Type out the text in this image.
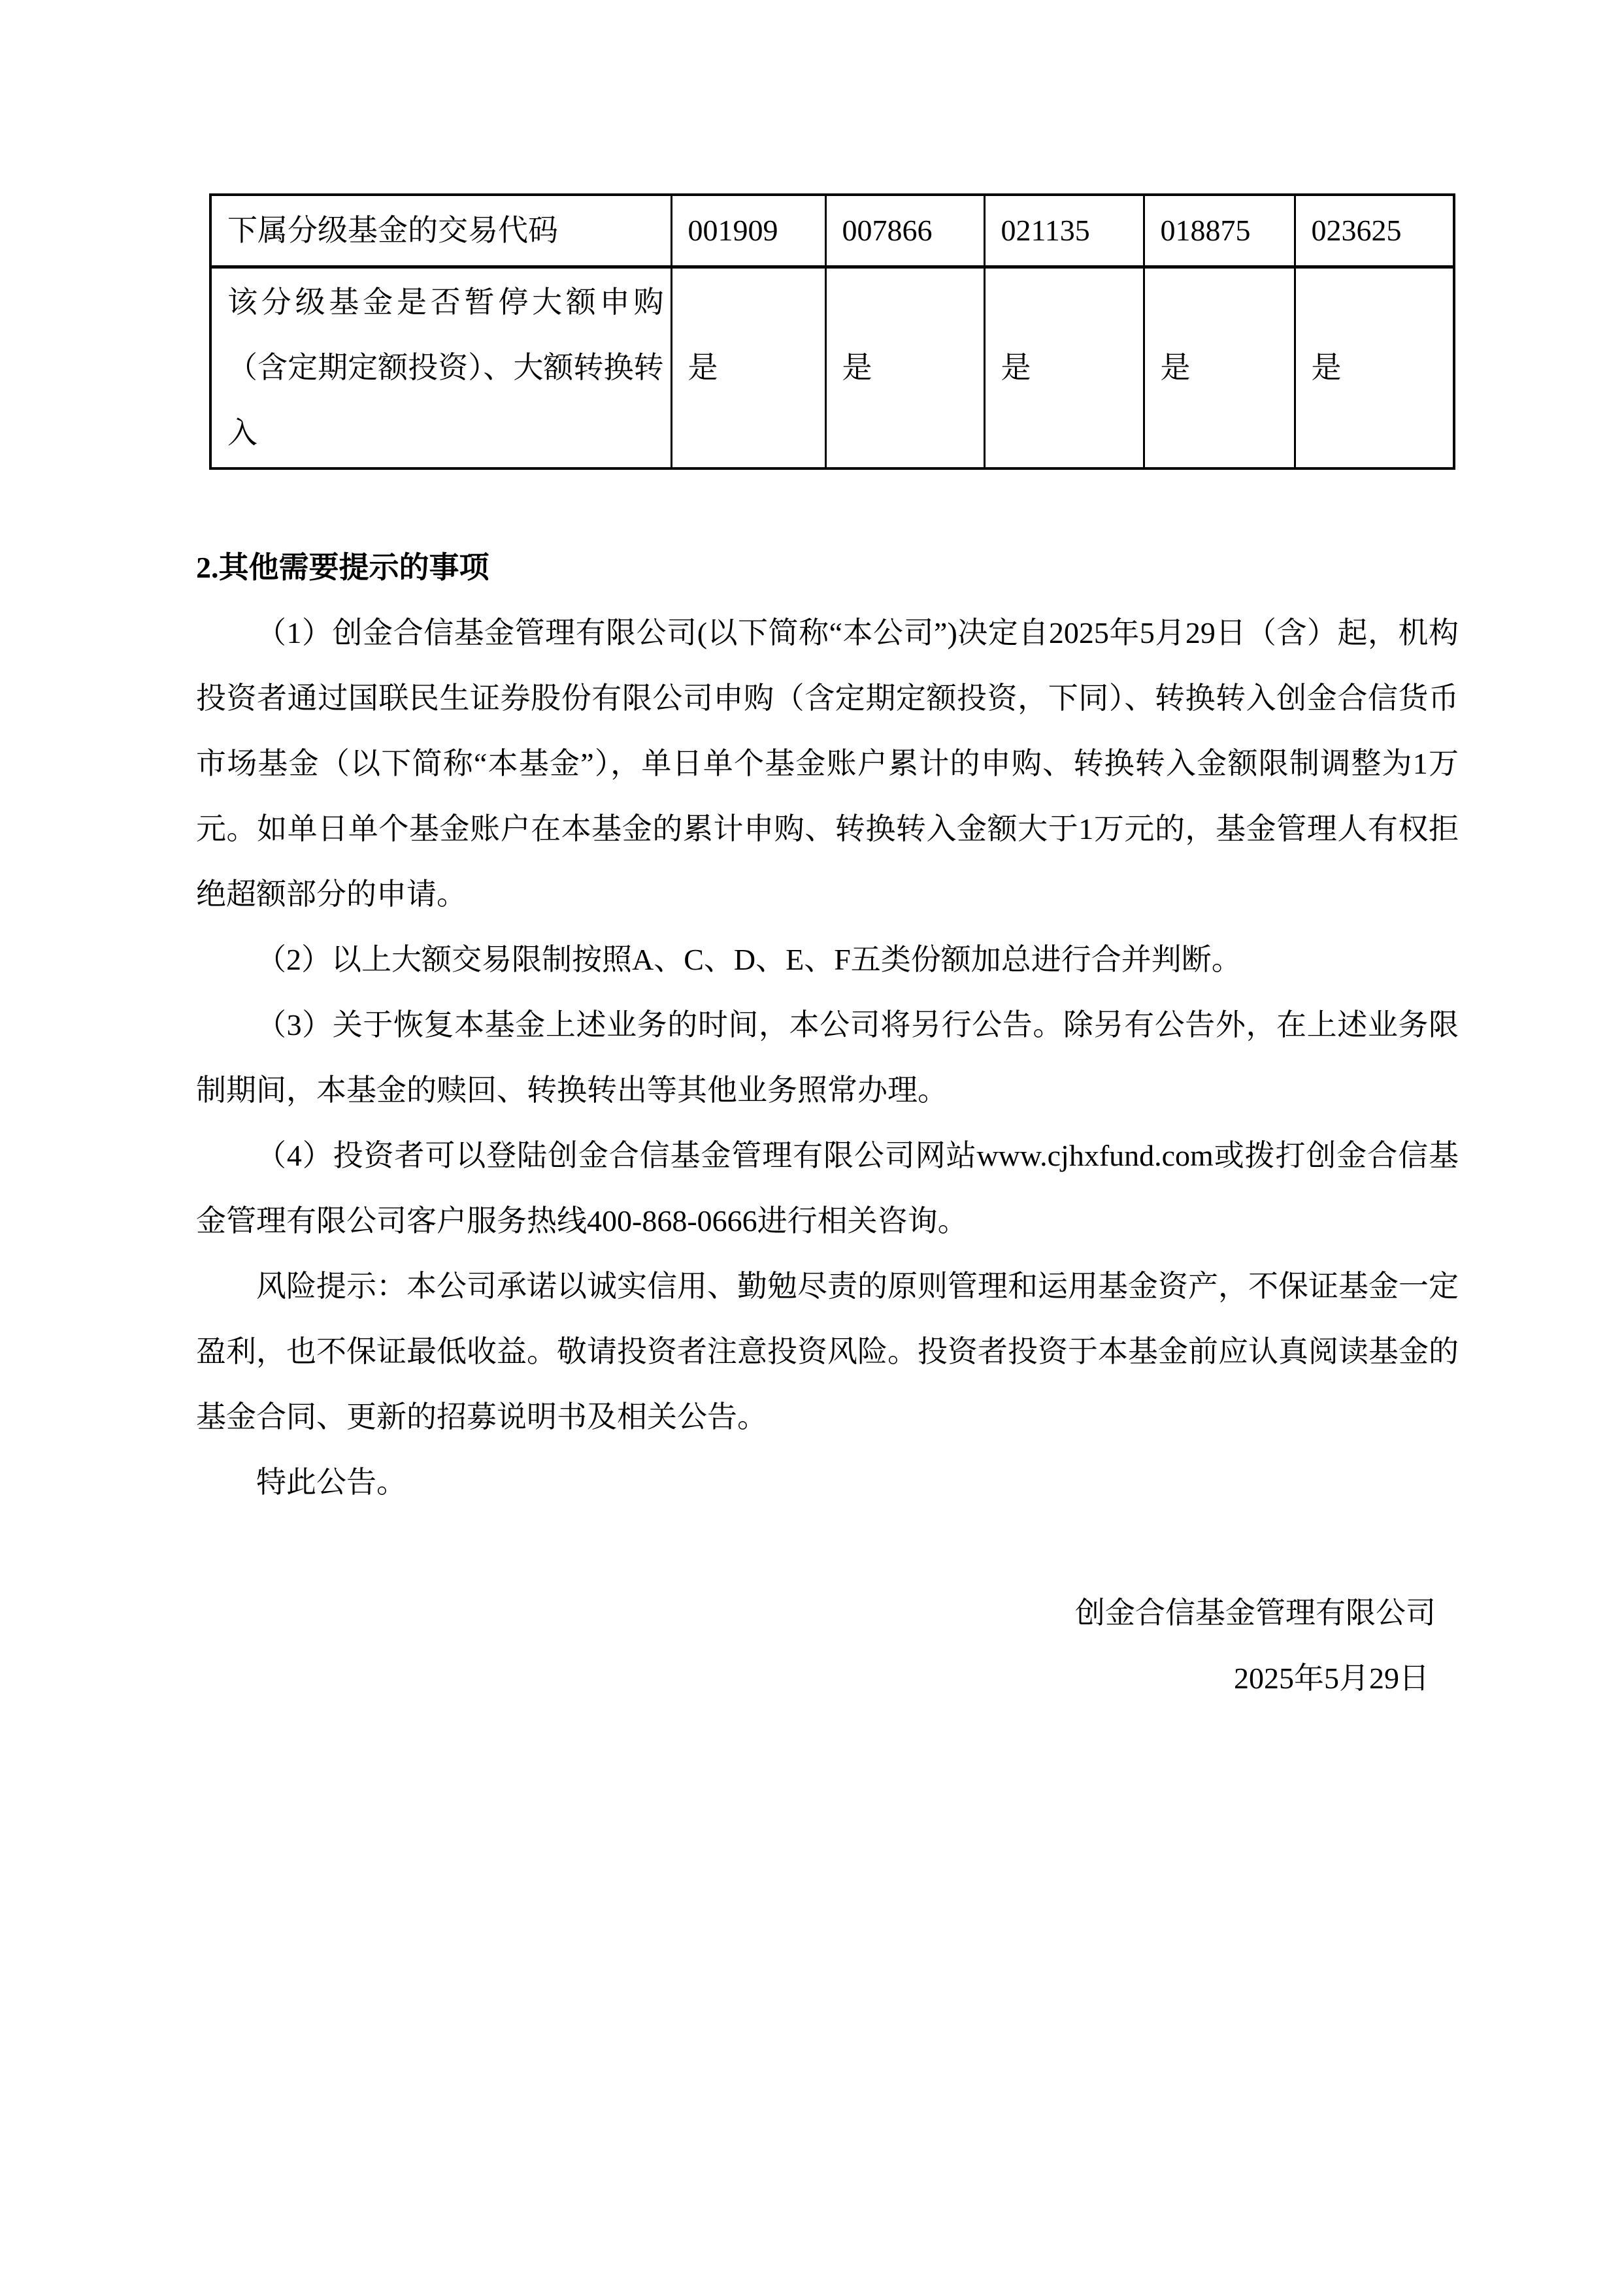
下属分级基金的交易代码	001909	007866	021135	018875	023625
该分级基金是否暂停大额申购（含定期定额投资）、大额转换转入	是	是	是	是	是
2.其他需要提示的事项

（1）创金合信基金管理有限公司(以下简称“本公司”)决定自2025年5月29日（含）起，机构投资者通过国联民生证券股份有限公司申购（含定期定额投资，下同）、转换转入创金合信货币市场基金（以下简称“本基金”），单日单个基金账户累计的申购、转换转入金额限制调整为1万元。如单日单个基金账户在本基金的累计申购、转换转入金额大于1万元的，基金管理人有权拒绝超额部分的申请。

（2）以上大额交易限制按照A、C、D、E、F五类份额加总进行合并判断。

（3）关于恢复本基金上述业务的时间，本公司将另行公告。除另有公告外，在上述业务限制期间，本基金的赎回、转换转出等其他业务照常办理。

（4）投资者可以登陆创金合信基金管理有限公司网站www.cjhxfund.com或拨打创金合信基金管理有限公司客户服务热线400-868-0666进行相关咨询。

风险提示：本公司承诺以诚实信用、勤勉尽责的原则管理和运用基金资产，不保证基金一定盈利，也不保证最低收益。敬请投资者注意投资风险。投资者投资于本基金前应认真阅读基金的基金合同、更新的招募说明书及相关公告。

特此公告。

创金合信基金管理有限公司

2025年5月29日
